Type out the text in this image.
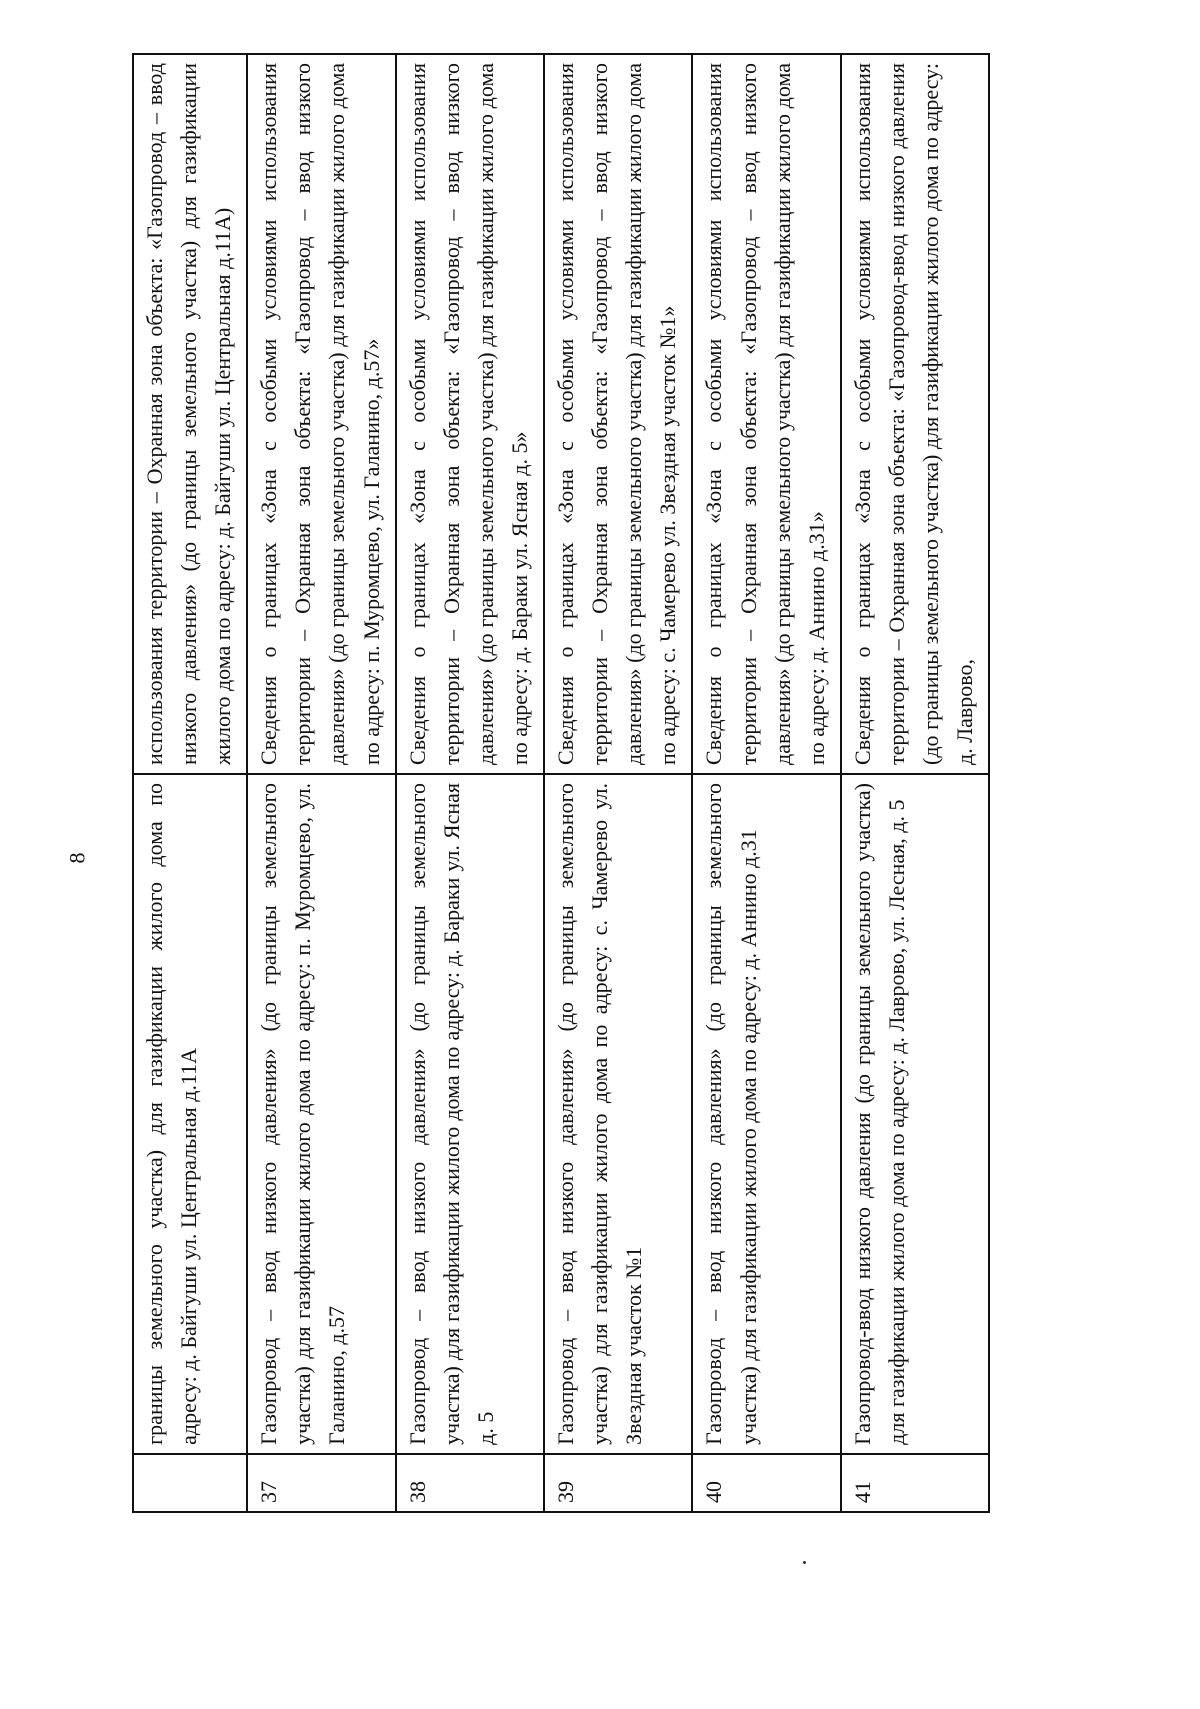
8
	границы земельного участка) для газификации жилого дома по адресу: д. Байгуши ул. Центральная д.11А	использования территории – Охранная зона объекта: «Газопровод – ввод низкого давления» (до границы земельного участка) для газификации жилого дома по адресу: д. Байгуши ул. Центральная д.11А)
37	Газопровод – ввод низкого давления» (до границы земельного участка) для газификации жилого дома по адресу: п. Муромцево, ул. Галанино, д.57	Сведения о границах «Зона с особыми условиями использования территории – Охранная зона объекта: «Газопровод – ввод низкого давления» (до границы земельного участка) для газификации жилого дома по адресу: п. Муромцево, ул. Галанино, д.57»
38	Газопровод – ввод низкого давления» (до границы земельного участка) для газификации жилого дома по адресу: д. Бараки ул. Ясная д. 5	Сведения о границах «Зона с особыми условиями использования территории – Охранная зона объекта: «Газопровод – ввод низкого давления» (до границы земельного участка) для газификации жилого дома по адресу: д. Бараки ул. Ясная д. 5»
39	Газопровод – ввод низкого давления» (до границы земельного участка) для газификации жилого дома по адресу: с. Чамерево ул. Звездная участок №1	Сведения о границах «Зона с особыми условиями использования территории – Охранная зона объекта: «Газопровод – ввод низкого давления» (до границы земельного участка) для газификации жилого дома по адресу: с. Чамерево ул. Звездная участок №1»
40	Газопровод – ввод низкого давления» (до границы земельного участка) для газификации жилого дома по адресу: д. Аннино д.31	Сведения о границах «Зона с особыми условиями использования территории – Охранная зона объекта: «Газопровод – ввод низкого давления» (до границы земельного участка) для газификации жилого дома по адресу: д. Аннино д.31»
41	Газопровод-ввод низкого давления (до границы земельного участка) для газификации жилого дома по адресу: д. Лаврово, ул. Лесная, д. 5	Сведения о границах «Зона с особыми условиями использования территории – Охранная зона объекта: «Газопровод-ввод низкого давления (до границы земельного участка) для газификации жилого дома по адресу: д. Лаврово,
